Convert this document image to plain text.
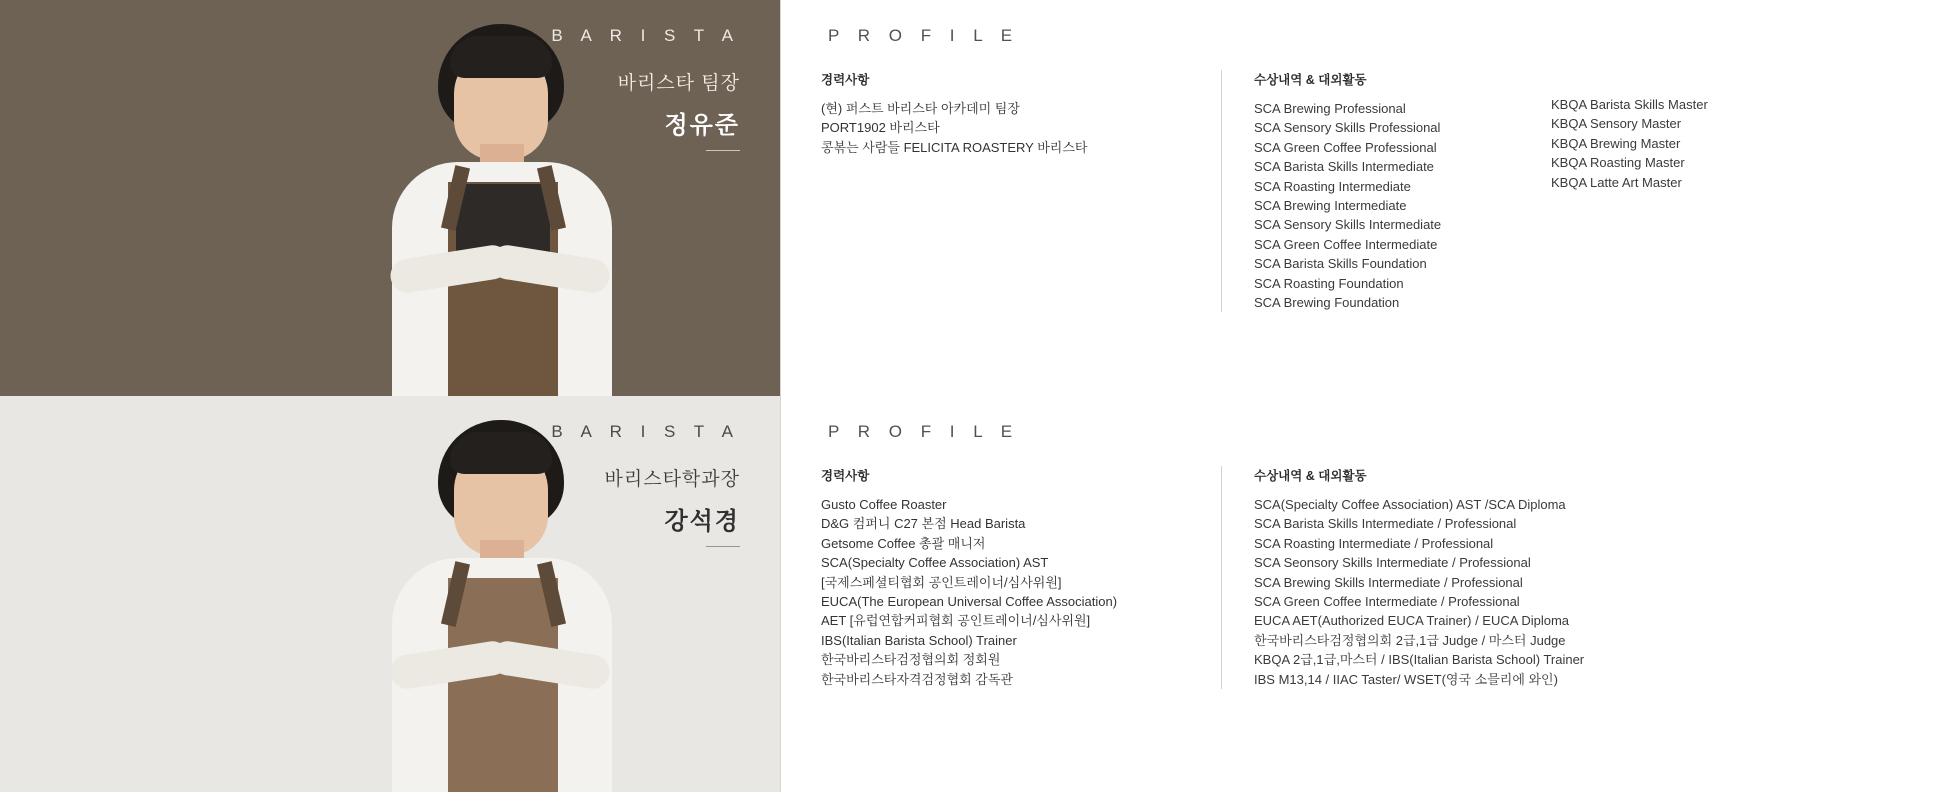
B A R I S T A
바리스타 팀장
정유준
P R O F I L E
경력사항
(현) 퍼스트 바리스타 아카데미 팀장
PORT1902 바리스타
콩볶는 사람들 FELICITA ROASTERY 바리스타
수상내역 & 대외활동
SCA Brewing Professional
SCA Sensory Skills Professional
SCA Green Coffee Professional
SCA Barista Skills Intermediate
SCA Roasting Intermediate
SCA Brewing Intermediate
SCA Sensory Skills Intermediate
SCA Green Coffee Intermediate
SCA Barista Skills Foundation
SCA Roasting Foundation
SCA Brewing Foundation
KBQA Barista Skills Master
KBQA Sensory Master
KBQA Brewing Master
KBQA Roasting Master
KBQA Latte Art Master
B A R I S T A
바리스타학과장
강석경
P R O F I L E
경력사항
Gusto Coffee Roaster
D&G 컴퍼니 C27 본점 Head Barista
Getsome Coffee 총괄 매니저
SCA(Specialty Coffee Association) AST
[국제스페셜티협회 공인트레이너/심사위원]
EUCA(The European Universal Coffee Association)
AET [유럽연합커피협회 공인트레이너/심사위원]
IBS(Italian Barista School) Trainer
한국바리스타검정협의회 정회원
한국바리스타자격검정협회 감독관
수상내역 & 대외활동
SCA(Specialty Coffee Association) AST /SCA Diploma
SCA Barista Skills Intermediate / Professional
SCA Roasting Intermediate / Professional
SCA Seonsory Skills Intermediate / Professional
SCA Brewing Skills Intermediate / Professional
SCA Green Coffee Intermediate / Professional
EUCA AET(Authorized EUCA Trainer) / EUCA Diploma
한국바리스타검정협의회 2급,1급 Judge / 마스터 Judge
KBQA 2급,1급,마스터 / IBS(Italian Barista School) Trainer
IBS M13,14 / IIAC Taster/ WSET(영국 소믈리에 와인)
